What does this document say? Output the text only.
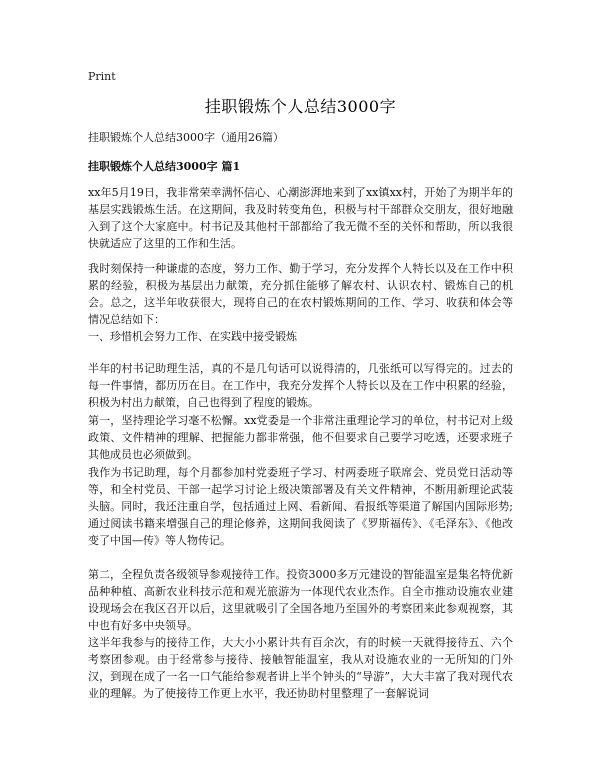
Print
挂职锻炼个人总结3000字
挂职锻炼个人总结3000字（通用26篇）
挂职锻炼个人总结3000字 篇1

xx年5月19日，我非常荣幸满怀信心、心潮澎湃地来到了xx镇xx村，开始了为期半年的基层实践锻炼生活。在这期间，我及时转变角色，积极与村干部群众交朋友，很好地融入到了这个大家庭中。村书记及其他村干部都给了我无微不至的关怀和帮助，所以我很快就适应了这里的工作和生活。

我时刻保持一种谦虚的态度，努力工作、勤于学习，充分发挥个人特长以及在工作中积累的经验，积极为基层出力献策，充分抓住能够了解农村、认识农村、锻炼自己的机会。总之，这半年收获很大，现将自己的在农村锻炼期间的工作、学习、收获和体会等情况总结如下：

一、珍惜机会努力工作、在实践中接受锻炼

半年的村书记助理生活，真的不是几句话可以说得清的，几张纸可以写得完的。过去的每一件事情，都历历在目。在工作中，我充分发挥个人特长以及在工作中积累的经验，积极为村出力献策，自己也得到了程度的锻炼。

第一，坚持理论学习毫不松懈。xx党委是一个非常注重理论学习的单位，村书记对上级政策、文件精神的理解、把握能力都非常强，他不但要求自己要学习吃透，还要求班子其他成员也必须做到。

我作为书记助理，每个月都参加村党委班子学习、村两委班子联席会、党员党日活动等等，和全村党员、干部一起学习讨论上级决策部署及有关文件精神，不断用新理论武装头脑。同时，我还注重自学，包括通过上网、看新闻、看报纸等渠道了解国内国际形势;通过阅读书籍来增强自己的理论修养，这期间我阅读了《罗斯福传》、《毛泽东》、《他改变了中国—传》等人物传记。

第二，全程负责各级领导参观接待工作。投资3000多万元建设的智能温室是集名特优新品种种植、高新农业科技示范和观光旅游为一体现代农业杰作。自全市推动设施农业建设现场会在我区召开以后，这里就吸引了全国各地乃至国外的考察团来此参观视察，其中也有好多中央领导。

这半年我参与的接待工作，大大小小累计共有百余次，有的时候一天就得接待五、六个考察团参观。由于经常参与接待、接触智能温室，我从对设施农业的一无所知的门外汉，到现在成了一名一口气能给参观者讲上半个钟头的“导游”，大大丰富了我对现代农业的理解。为了使接待工作更上水平，我还协助村里整理了一套解说词
